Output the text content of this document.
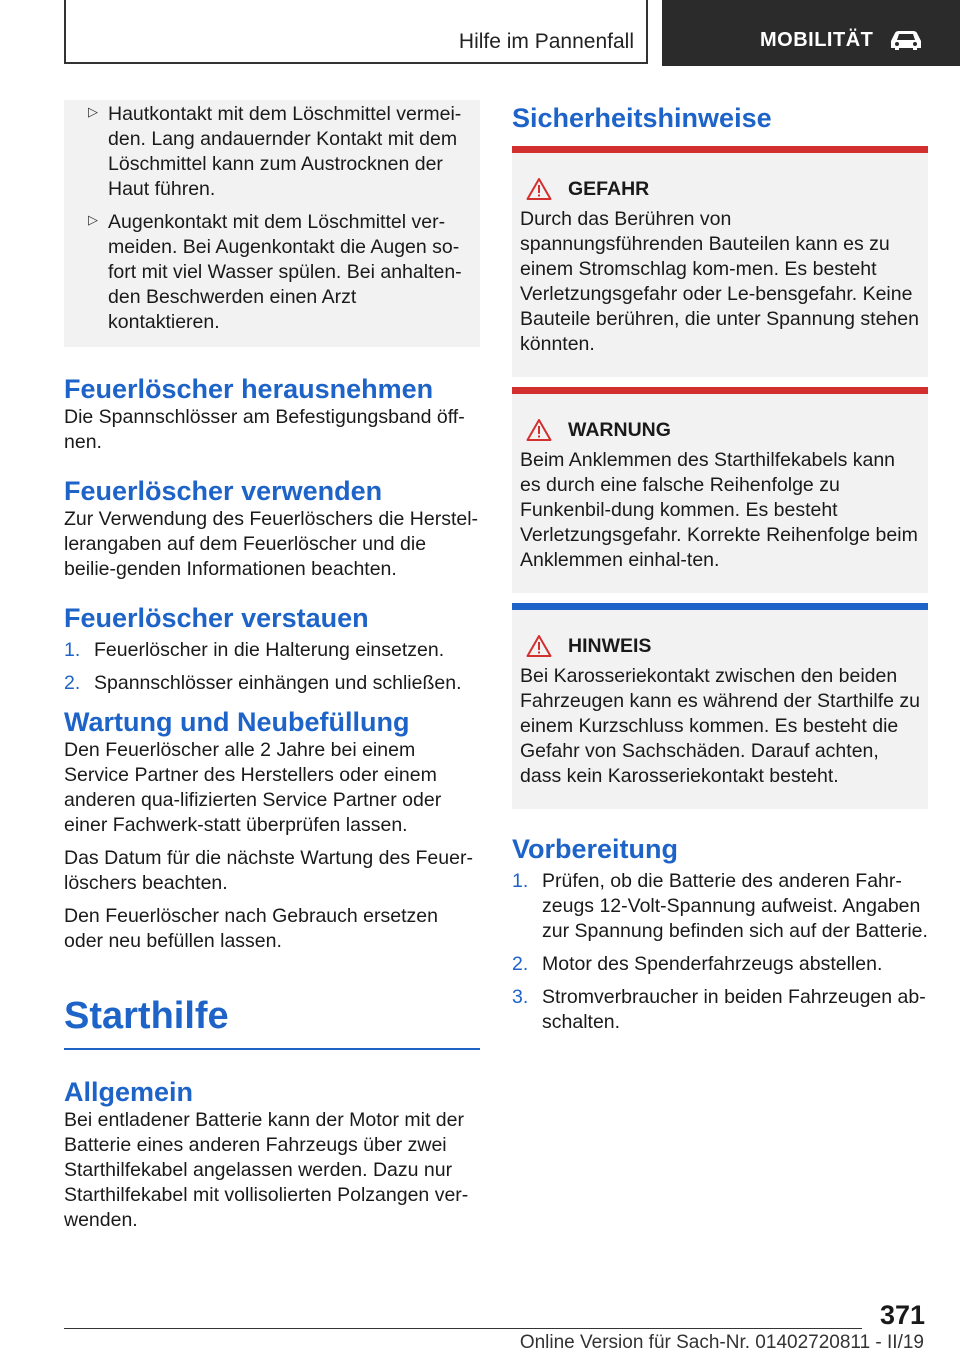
Hilfe im Pannenfall	MOBILITÄT
▷ Hautkontakt mit dem Löschmittel vermei-den. Lang andauernder Kontakt mit dem Löschmittel kann zum Austrocknen der Haut führen.

▷ Augenkontakt mit dem Löschmittel ver-meiden. Bei Augenkontakt die Augen so-fort mit viel Wasser spülen. Bei anhalten-den Beschwerden einen Arzt kontaktieren.

Feuerlöscher herausnehmen

Die Spannschlösser am Befestigungsband öff-nen.

Feuerlöscher verwenden

Zur Verwendung des Feuerlöschers die Herstel-lerangaben auf dem Feuerlöscher und die beilie-genden Informationen beachten.

Feuerlöscher verstauen
1. Feuerlöscher in die Halterung einsetzen.
2. Spannschlösser einhängen und schließen.
Wartung und Neubefüllung

Den Feuerlöscher alle 2 Jahre bei einem Service Partner des Herstellers oder einem anderen qua-lifizierten Service Partner oder einer Fachwerk-statt überprüfen lassen.

Das Datum für die nächste Wartung des Feuer-löschers beachten.

Den Feuerlöscher nach Gebrauch ersetzen oder neu befüllen lassen.

Starthilfe
Allgemein

Bei entladener Batterie kann der Motor mit der Batterie eines anderen Fahrzeugs über zwei Starthilfekabel angelassen werden. Dazu nur Starthilfekabel mit vollisolierten Polzangen ver-wenden.

Sicherheitshinweise
GEFAHR

Durch das Berühren von spannungsführenden Bauteilen kann es zu einem Stromschlag kom-men. Es besteht Verletzungsgefahr oder Le-bensgefahr. Keine Bauteile berühren, die unter Spannung stehen könnten.

WARNUNG

Beim Anklemmen des Starthilfekabels kann es durch eine falsche Reihenfolge zu Funkenbil-dung kommen. Es besteht Verletzungsgefahr. Korrekte Reihenfolge beim Anklemmen einhal-ten.

HINWEIS

Bei Karosseriekontakt zwischen den beiden Fahrzeugen kann es während der Starthilfe zu einem Kurzschluss kommen. Es besteht die Gefahr von Sachschäden. Darauf achten, dass kein Karosseriekontakt besteht.

Vorbereitung
1. Prüfen, ob die Batterie des anderen Fahr-zeugs 12-Volt-Spannung aufweist. Angaben zur Spannung befinden sich auf der Batterie.
2. Motor des Spenderfahrzeugs abstellen.
3. Stromverbraucher in beiden Fahrzeugen ab-schalten.
371
Online Version für Sach-Nr. 01402720811 - II/19
